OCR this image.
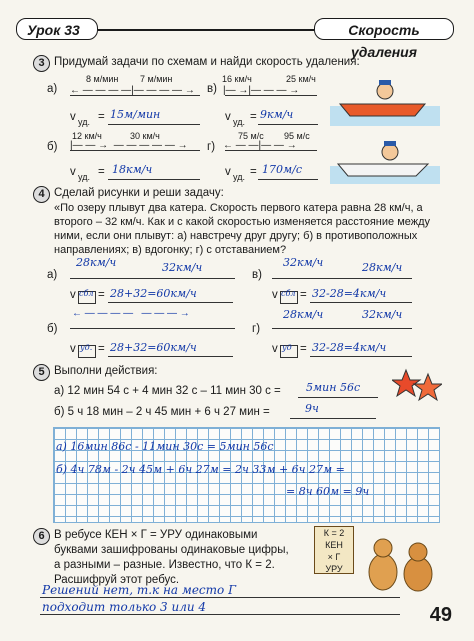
Урок 33	Скорость удаления
3 Придумай задачи по схемам и найди скорость удаления:
а)
8 м/мин 7 м/мин
← — — — —|— — — — →
v уд. = 15м/мин
б)
12 км/ч	30 км/ч
|— — →  — — — — — →
v уд. = 18км/ч
в)
16 км/ч	25 км/ч
|— →|— — — →
v уд. = 9км/ч
г)
75 м/с 95 м/с
← — —|— — →
v уд. = 170м/с
4 Сделай рисунки и реши задачу:
«По озеру плывут два катера. Скорость первого катера равна 28 км/ч, а
второго – 32 км/ч. Как и с какой скоростью изменяется расстояние между
ними, если они плывут: а) навстречу друг другу; б) в противоположных
направлениях; в) вдогонку; г) с отставанием?
а)
28км/ч	32км/ч
v сбл = 28+32=60км/ч
б)
← — — — —   — — — →
v уд. = 28+32=60км/ч
в)
32км/ч	28км/ч
v сбл = 32-28=4км/ч
г)
28км/ч	32км/ч
v уд = 32-28=4км/ч
5 Выполни действия:
а) 12 мин 54 с + 4 мин 32 с – 11 мин 30 с = 5мин 56с
б) 5 ч 18 мин – 2 ч 45 мин + 6 ч 27 мин =	9ч
а) 16мин 86с - 11мин 30с = 5мин 56с
б) 4ч 78м - 2ч 45м + 6ч 27м = 2ч 33м + 6ч 27м =
= 8ч 60м = 9ч
6 В ребусе КЕН × Г = УРУ одинаковыми
буквами зашифрованы одинаковые цифры,
а разными – разные. Известно, что К = 2.
Расшифруй этот ребус.
К = 2
КЕН
× Г
УРУ
Решений нет, т.к на место Г
подходит только 3 или 4	49
